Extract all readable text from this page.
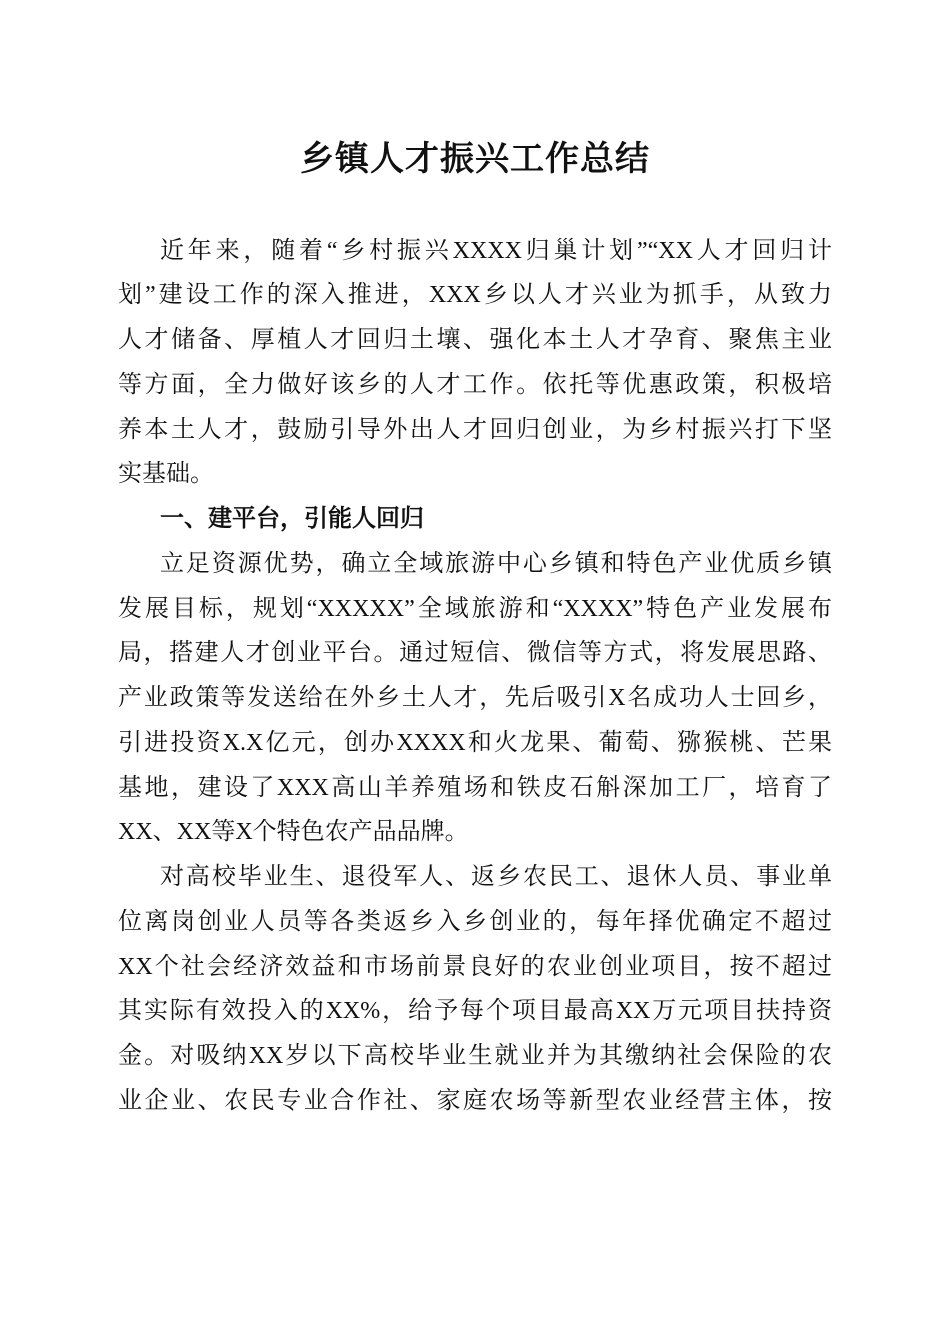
乡镇人才振兴工作总结
近年来，随着“乡村振兴XXXX归巢计划”“XX人才回归计
划”建设工作的深入推进，XXX乡以人才兴业为抓手，从致力
人才储备、厚植人才回归土壤、强化本土人才孕育、聚焦主业
等方面，全力做好该乡的人才工作。依托等优惠政策，积极培
养本土人才，鼓励引导外出人才回归创业，为乡村振兴打下坚
实基础。
一、建平台，引能人回归
立足资源优势，确立全域旅游中心乡镇和特色产业优质乡镇
发展目标，规划“XXXXX”全域旅游和“XXXX”特色产业发展布
局，搭建人才创业平台。通过短信、微信等方式，将发展思路、
产业政策等发送给在外乡土人才，先后吸引X名成功人士回乡，
引进投资X.X亿元，创办XXXX和火龙果、葡萄、猕猴桃、芒果
基地，建设了XXX高山羊养殖场和铁皮石斛深加工厂，培育了
XX、XX等X个特色农产品品牌。
对高校毕业生、退役军人、返乡农民工、退休人员、事业单
位离岗创业人员等各类返乡入乡创业的，每年择优确定不超过
XX个社会经济效益和市场前景良好的农业创业项目，按不超过
其实际有效投入的XX%，给予每个项目最高XX万元项目扶持资
金。对吸纳XX岁以下高校毕业生就业并为其缴纳社会保险的农
业企业、农民专业合作社、家庭农场等新型农业经营主体，按
